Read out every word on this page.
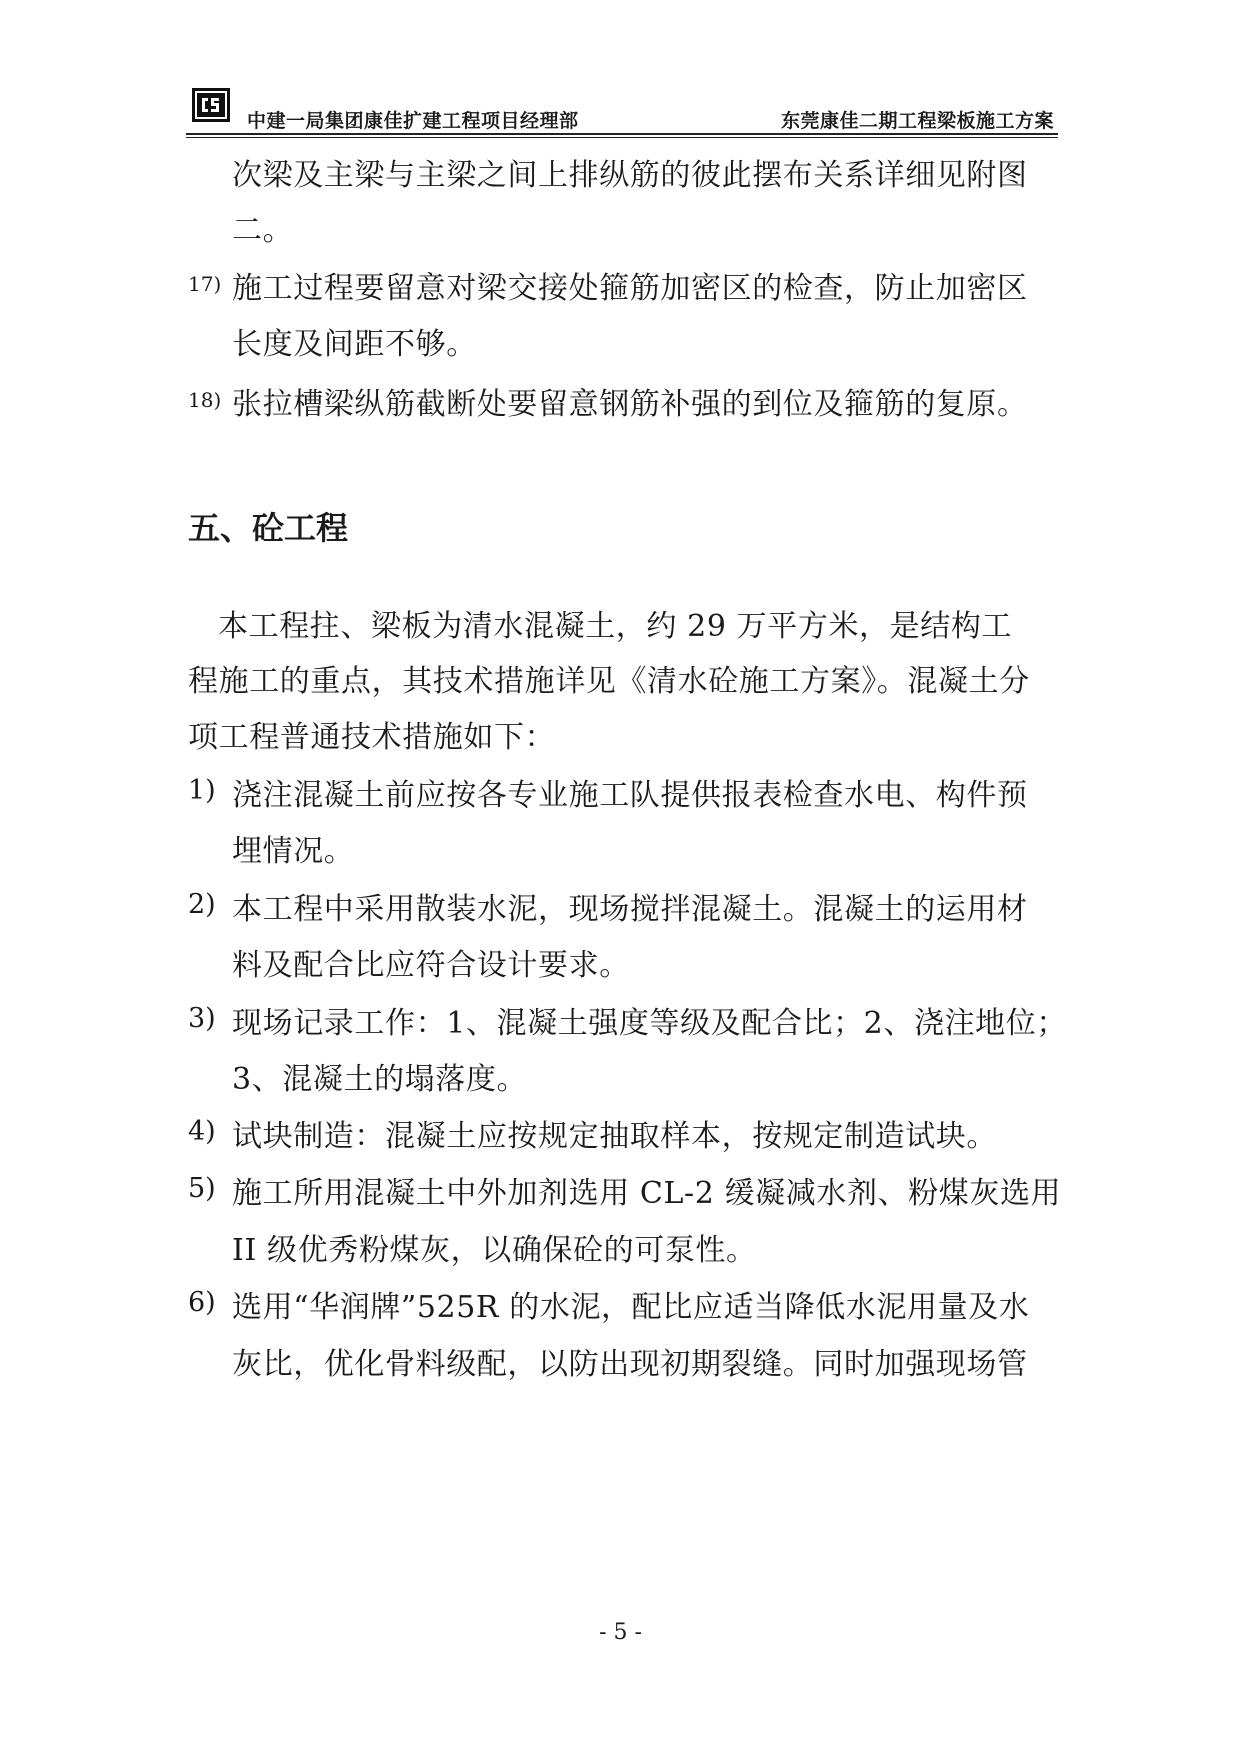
中建一局集团康佳扩建工程项目经理部	东莞康佳二期工程梁板施工方案
次梁及主梁与主梁之间上排纵筋的彼此摆布关系详细见附图
二。
17) 施工过程要留意对梁交接处箍筋加密区的检查，防止加密区
长度及间距不够。
18) 张拉槽梁纵筋截断处要留意钢筋补强的到位及箍筋的复原。
五、砼工程
本工程拄、梁板为清水混凝土，约 29 万平方米，是结构工
程施工的重点，其技术措施详见《清水砼施工方案》。混凝土分
项工程普通技术措施如下：
1) 浇注混凝土前应按各专业施工队提供报表检查水电、构件预
埋情况。
2) 本工程中采用散装水泥，现场搅拌混凝土。混凝土的运用材
料及配合比应符合设计要求。
3) 现场记录工作：1、混凝土强度等级及配合比；2、浇注地位；
3、混凝土的塌落度。
4) 试块制造：混凝土应按规定抽取样本，按规定制造试块。
5) 施工所用混凝土中外加剂选用 CL-2 缓凝减水剂、粉煤灰选用
II 级优秀粉煤灰，以确保砼的可泵性。
6) 选用“华润牌”525R 的水泥，配比应适当降低水泥用量及水
灰比，优化骨料级配，以防出现初期裂缝。同时加强现场管
- 5 -
